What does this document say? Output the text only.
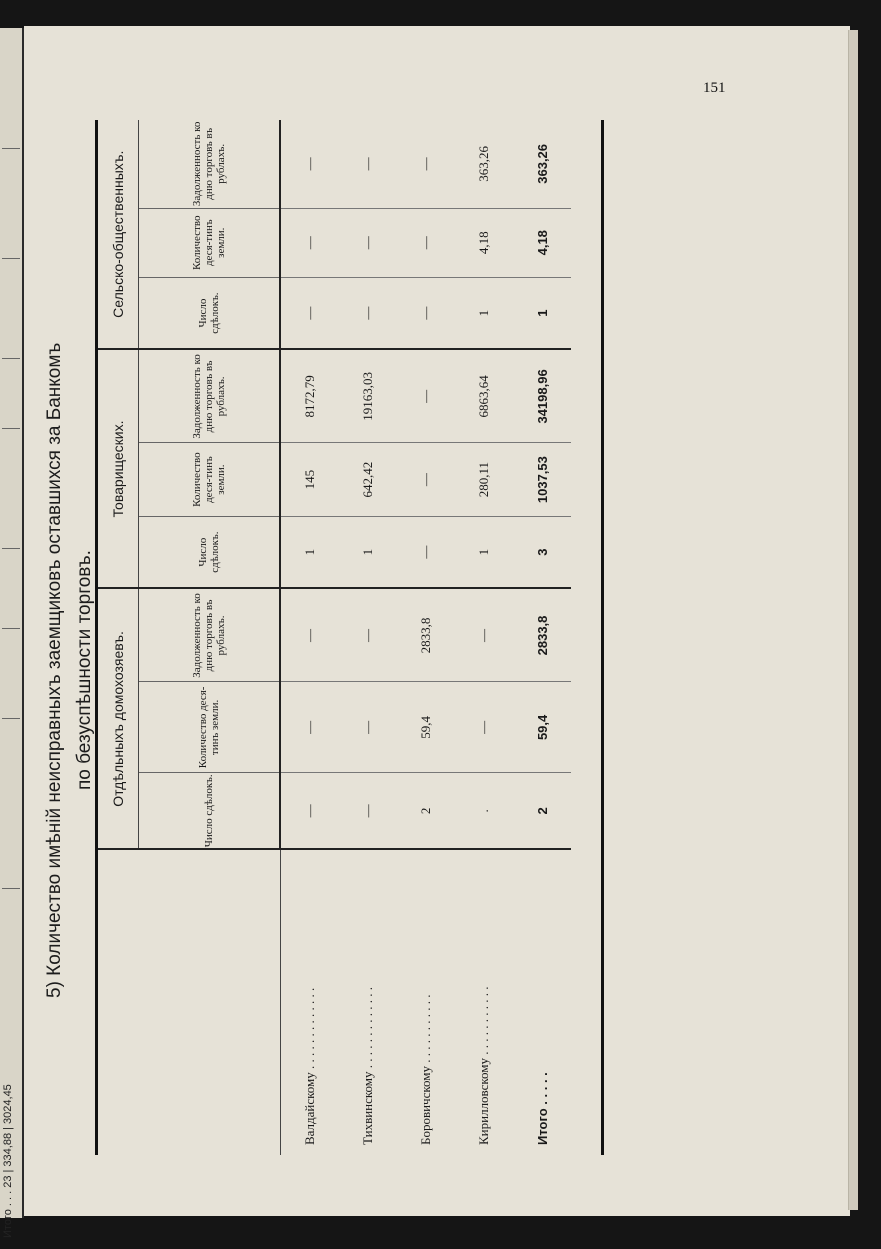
Итого . . . 23 | 334,88 | 3024,45
151
5) Количество имѣній неисправныхъ заемщиковъ оставшихся за Банкомъ по безуспѣшности торговъ.
		Отдѣльныхъ домохозяевъ.			Товарищеских.			Сельско-общественныхъ.		
	Число сдѣлокъ.	Количество деся-тинъ земли.	Задолженность ко дню торговъ въ рублахъ.	Число сдѣлокъ.	Количество деся-тинъ земли.	Задолженность ко дню торговъ въ рублахъ.	Число сдѣлокъ.	Количество деся-тинъ земли.	Задолженность ко дню торговъ въ рублахъ.
Валдайскому . . . . . . . . . . . . .	—	—	—	1	145	8172,79	—	—	—
Тихвинскому . . . . . . . . . . . . .	—	—	—	1	642,42	19163,03	—	—	—
Боровичскому . . . . . . . . . . .	2	59,4	2833,8	—	—	—	—	—	—
Кирилловскому . . . . . . . . . . .	.	—	—	1	280,11	6863,64	1	4,18	363,26
Итого . . . . .	2	59,4	2833,8	3	1037,53	34198,96	1	4,18	363,26
